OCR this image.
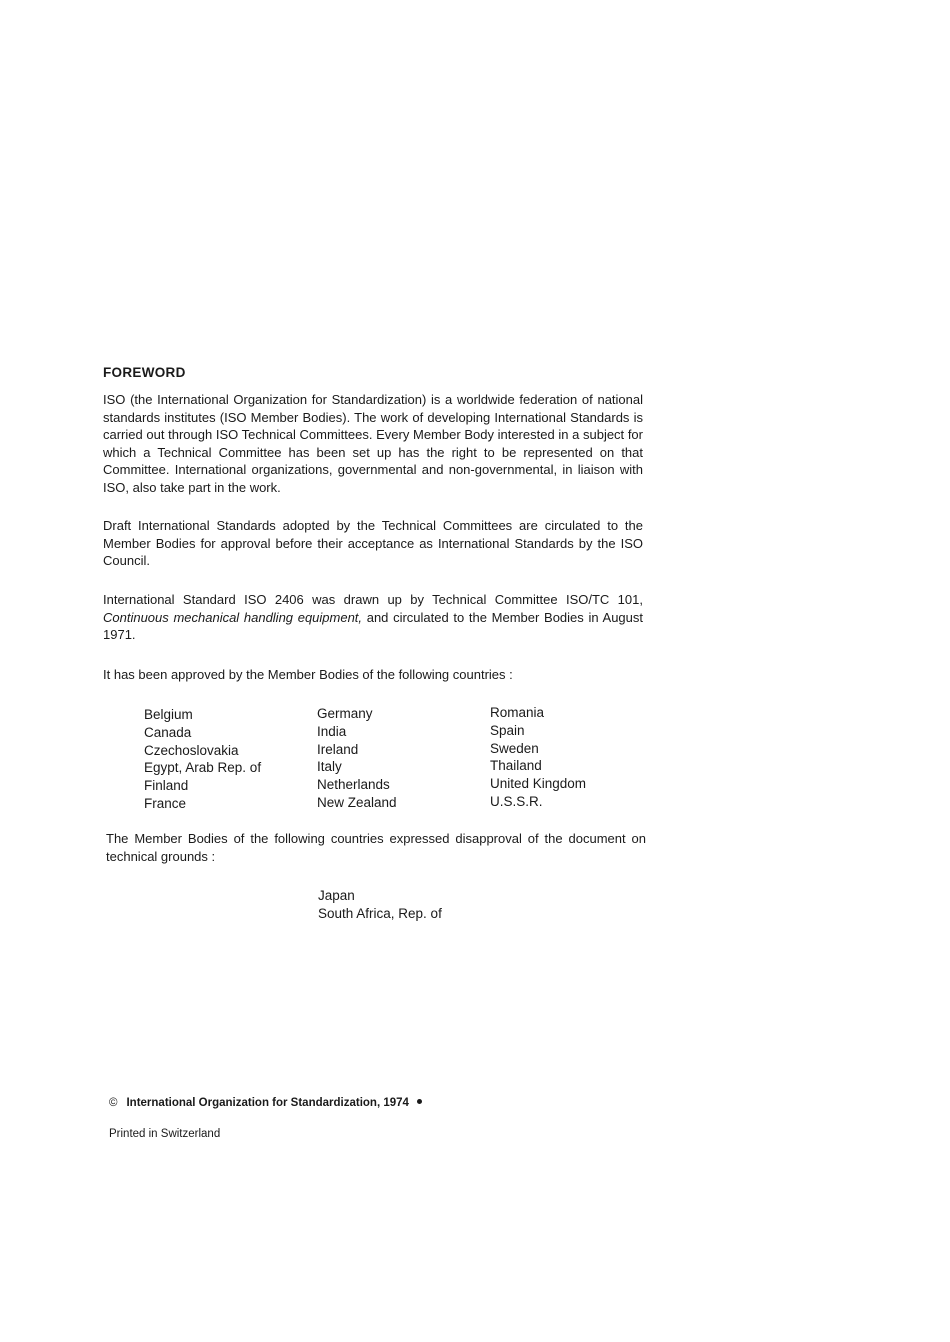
FOREWORD

ISO (the International Organization for Standardization) is a worldwide federation of national standards institutes (ISO Member Bodies). The work of developing International Standards is carried out through ISO Technical Committees. Every Member Body interested in a subject for which a Technical Committee has been set up has the right to be represented on that Committee. International organizations, governmental and non-governmental, in liaison with ISO, also take part in the work.

Draft International Standards adopted by the Technical Committees are circulated to the Member Bodies for approval before their acceptance as International Standards by the ISO Council.

International Standard ISO 2406 was drawn up by Technical Committee ISO/TC 101, Continuous mechanical handling equipment, and circulated to the Member Bodies in August 1971.

It has been approved by the Member Bodies of the following countries :

Belgium
Canada
Czechoslovakia
Egypt, Arab Rep. of
Finland
France
Germany
India
Ireland
Italy
Netherlands
New Zealand
Romania
Spain
Sweden
Thailand
United Kingdom
U.S.S.R.

The Member Bodies of the following countries expressed disapproval of the document on technical grounds :

Japan
South Africa, Rep. of
© International Organization for Standardization, 1974
Printed in Switzerland
